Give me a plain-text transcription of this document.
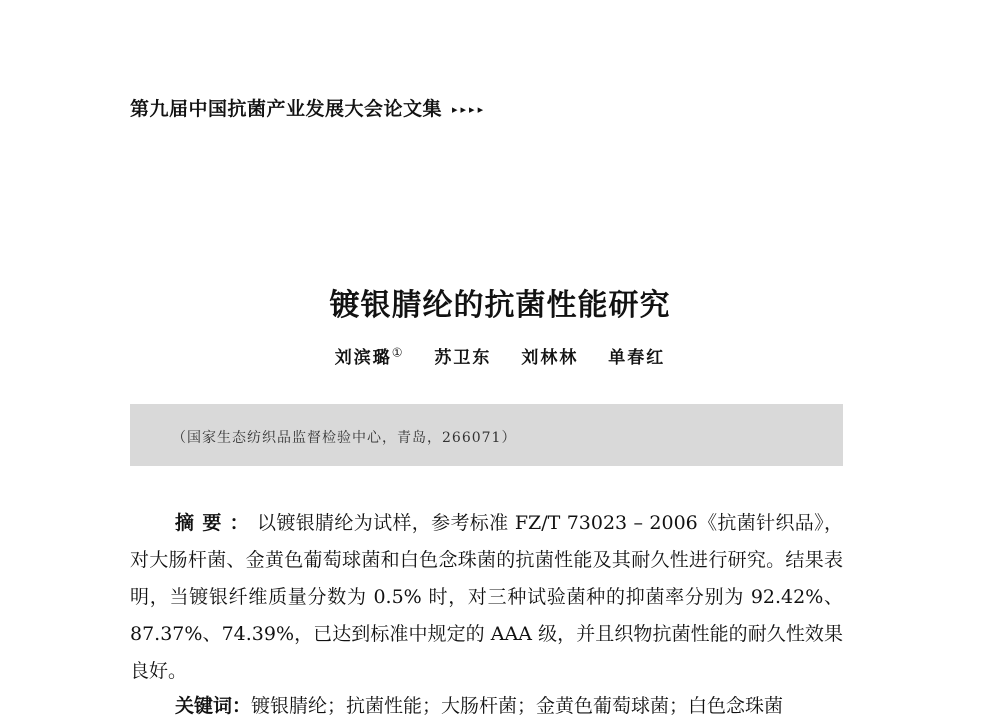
第九届中国抗菌产业发展大会论文集 ▸▸▸▸
镀银腈纶的抗菌性能研究
刘滨璐① 苏卫东 刘林林 单春红
（国家生态纺织品监督检验中心，青岛，266071）

摘要：以镀银腈纶为试样，参考标准 FZ/T 73023 – 2006《抗菌针织品》，对大肠杆菌、金黄色葡萄球菌和白色念珠菌的抗菌性能及其耐久性进行研究。结果表明，当镀银纤维质量分数为 0.5% 时，对三种试验菌种的抑菌率分别为 92.42%、87.37%、74.39%，已达到标准中规定的 AAA 级，并且织物抗菌性能的耐久性效果良好。

关键词：镀银腈纶；抗菌性能；大肠杆菌；金黄色葡萄球菌；白色念珠菌
